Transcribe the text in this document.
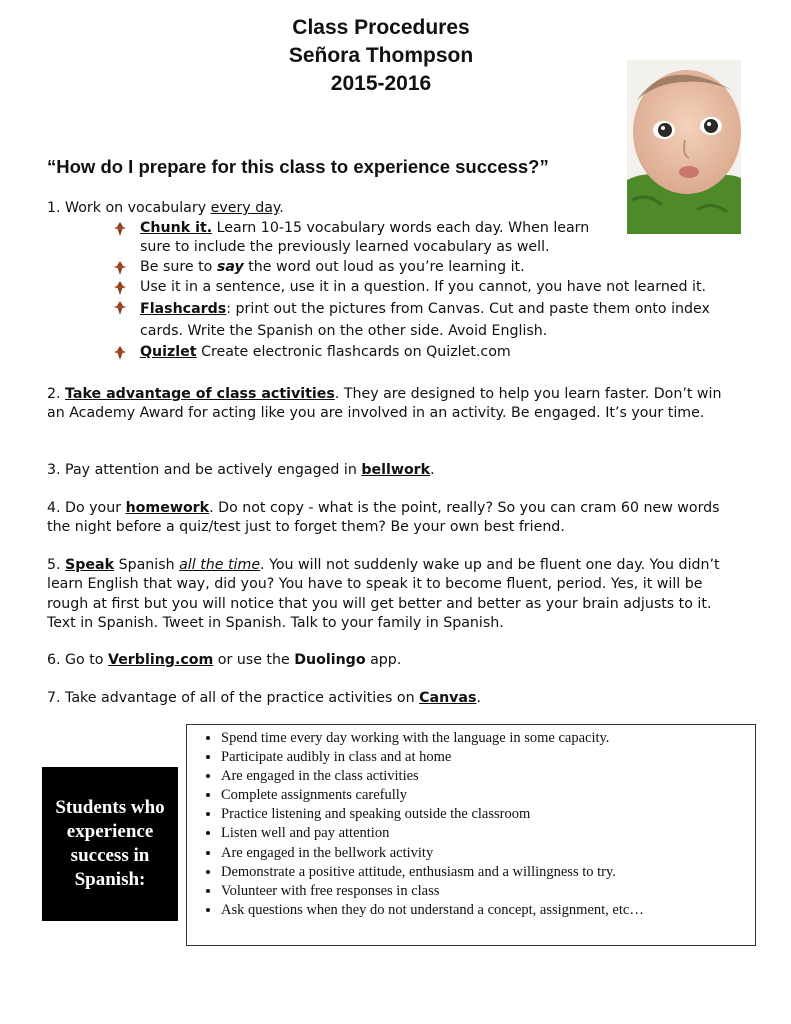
Class Procedures
Señora Thompson
2015-2016
“How do I prepare for this class to experience success?”
1. Work on vocabulary every day.
Chunk it. Learn 10-15 vocabulary words each day. When learn
sure to include the previously learned vocabulary as well.
Be sure to say the word out loud as you’re learning it.
Use it in a sentence, use it in a question. If you cannot, you have not learned it.
Flashcards: print out the pictures from Canvas. Cut and paste them onto index
cards. Write the Spanish on the other side. Avoid English.
Quizlet Create electronic flashcards on Quizlet.com
2. Take advantage of class activities. They are designed to help you learn faster. Don’t win an Academy Award for acting like you are involved in an activity. Be engaged. It’s your time.
3. Pay attention and be actively engaged in bellwork.
4. Do your homework. Do not copy - what is the point, really? So you can cram 60 new words the night before a quiz/test just to forget them? Be your own best friend.
5. Speak Spanish all the time. You will not suddenly wake up and be fluent one day. You didn’t learn English that way, did you? You have to speak it to become fluent, period. Yes, it will be rough at first but you will notice that you will get better and better as your brain adjusts to it. Text in Spanish. Tweet in Spanish. Talk to your family in Spanish.
6. Go to Verbling.com or use the Duolingo app.
7. Take advantage of all of the practice activities on Canvas.
Students who experience success in Spanish:
• Spend time every day working with the language in some capacity.
• Participate audibly in class and at home
• Are engaged in the class activities
• Complete assignments carefully
• Practice listening and speaking outside the classroom
• Listen well and pay attention
• Are engaged in the bellwork activity
• Demonstrate a positive attitude, enthusiasm and a willingness to try.
• Volunteer with free responses in class
• Ask questions when they do not understand a concept, assignment, etc…
